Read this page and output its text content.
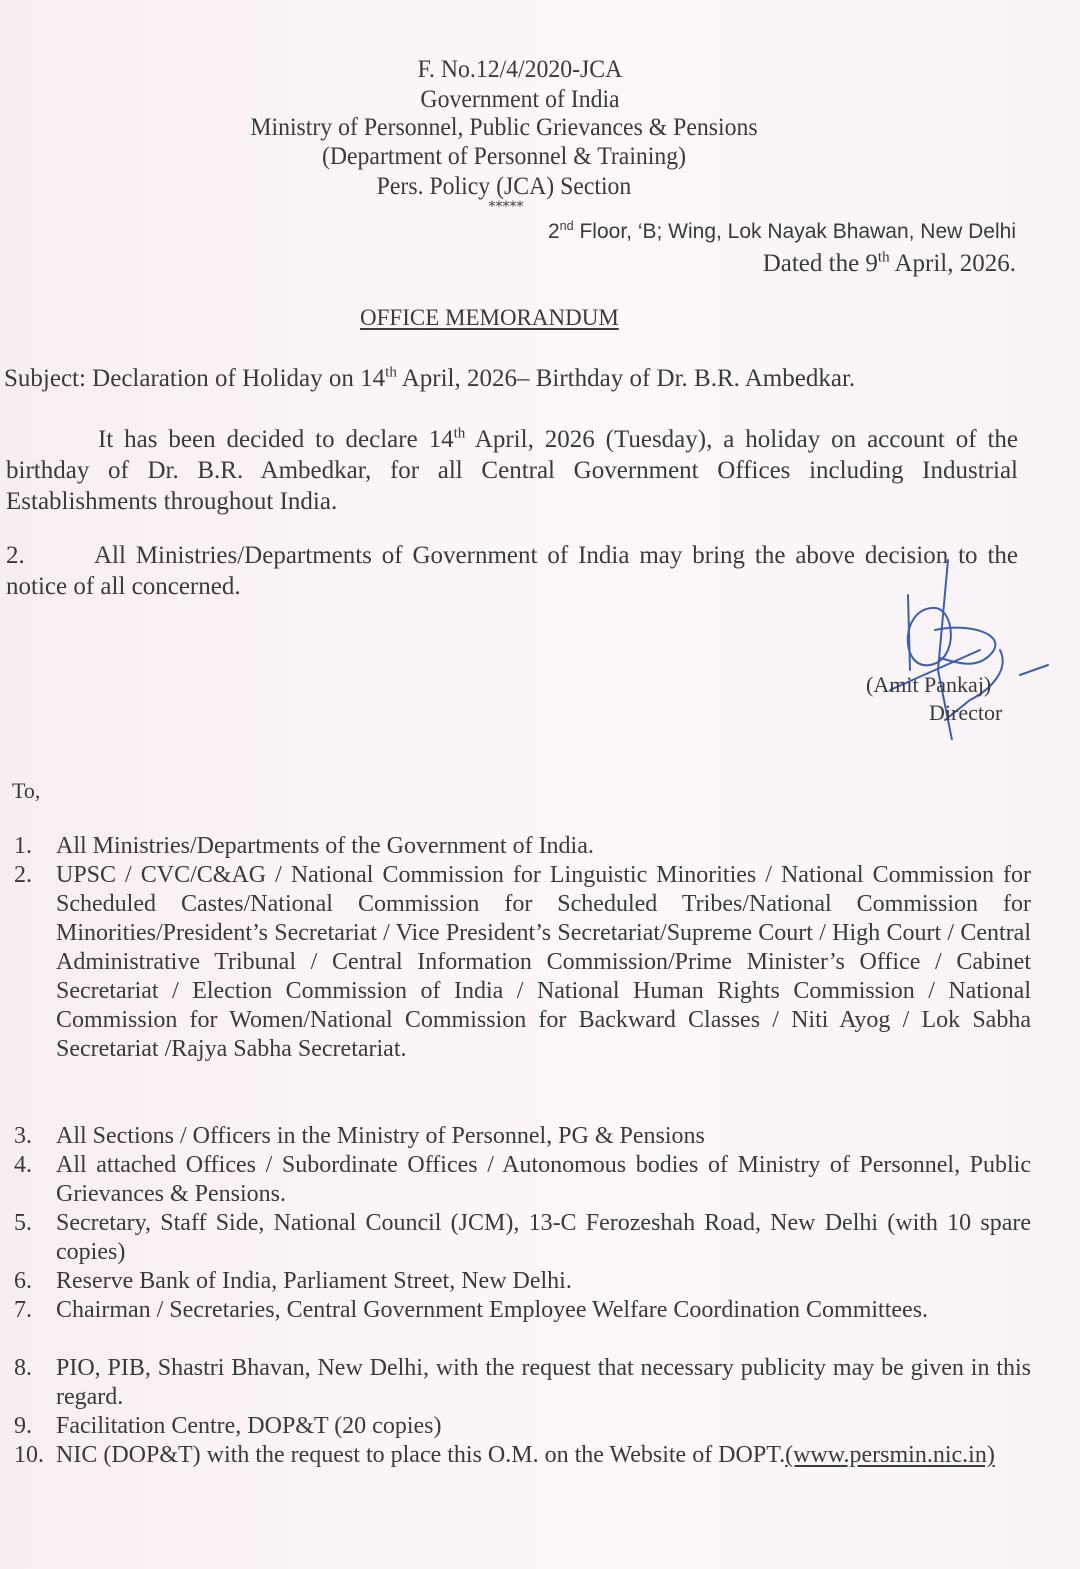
F. No.12/4/2020-JCA
Government of India
Ministry of Personnel, Public Grievances & Pensions
(Department of Personnel & Training)
Pers. Policy (JCA) Section
*****
2nd Floor, ‘B; Wing, Lok Nayak Bhawan, New Delhi
Dated the 9th April, 2026.
OFFICE MEMORANDUM
Subject: Declaration of Holiday on 14th April, 2026– Birthday of Dr. B.R. Ambedkar.
It has been decided to declare 14th April, 2026 (Tuesday), a holiday on account of the birthday of Dr. B.R. Ambedkar, for all Central Government Offices including Industrial Establishments throughout India.
2.	All Ministries/Departments of Government of India may bring the above decision to the notice of all concerned.
(Amit Pankaj)
Director
To,
1. All Ministries/Departments of the Government of India.
2. UPSC / CVC/C&AG / National Commission for Linguistic Minorities / National Commission for Scheduled Castes/National Commission for Scheduled Tribes/National Commission for Minorities/President’s Secretariat / Vice President’s Secretariat/Supreme Court / High Court / Central Administrative Tribunal / Central Information Commission/Prime Minister’s Office / Cabinet Secretariat / Election Commission of India / National Human Rights Commission / National Commission for Women/National Commission for Backward Classes / Niti Ayog / Lok Sabha Secretariat /Rajya Sabha Secretariat.
3. All Sections / Officers in the Ministry of Personnel, PG & Pensions
4. All attached Offices / Subordinate Offices / Autonomous bodies of Ministry of Personnel, Public Grievances & Pensions.
5. Secretary, Staff Side, National Council (JCM), 13-C Ferozeshah Road, New Delhi (with 10 spare copies)
6. Reserve Bank of India, Parliament Street, New Delhi.
7. Chairman / Secretaries, Central Government Employee Welfare Coordination Committees.
8. PIO, PIB, Shastri Bhavan, New Delhi, with the request that necessary publicity may be given in this regard.
9. Facilitation Centre, DOP&T (20 copies)
10. NIC (DOP&T) with the request to place this O.M. on the Website of DOPT.(www.persmin.nic.in)
